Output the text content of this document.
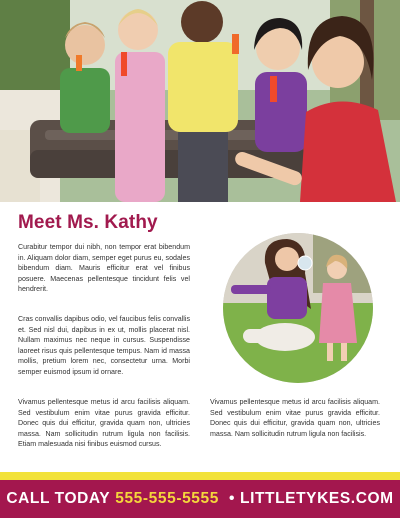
Meet Ms. Kathy

Curabitur tempor dui nibh, non tempor erat bibendum in. Aliquam dolor diam, semper eget purus eu, sodales bibendum diam. Mauris efficitur erat vel finibus posuere. Maecenas pellentesque tincidunt felis vel hendrerit.

Cras convallis dapibus odio, vel faucibus felis convallis et. Sed nisl dui, dapibus in ex ut, mollis placerat nisl. Nullam maximus nec neque in cursus. Suspendisse laoreet risus quis pellentesque tempus. Nam id massa mollis, pretium lorem nec, consectetur urna. Morbi semper euismod ipsum id ornare.

Vivamus pellentesque metus id arcu facilisis aliquam. Sed vestibulum enim vitae purus gravida efficitur. Donec quis dui efficitur, gravida quam non, ultricies massa. Nam sollicitudin rutrum ligula non facilisis. Etiam malesuada nisi finibus euismod cursus.

Vivamus pellentesque metus id arcu facilisis aliquam. Sed vestibulum enim vitae purus gravida efficitur. Donec quis dui efficitur, gravida quam non, ultricies massa. Nam sollicitudin rutrum ligula non facilisis.

CALL TODAY 555-555-5555 • LITTLETYKES.COM
